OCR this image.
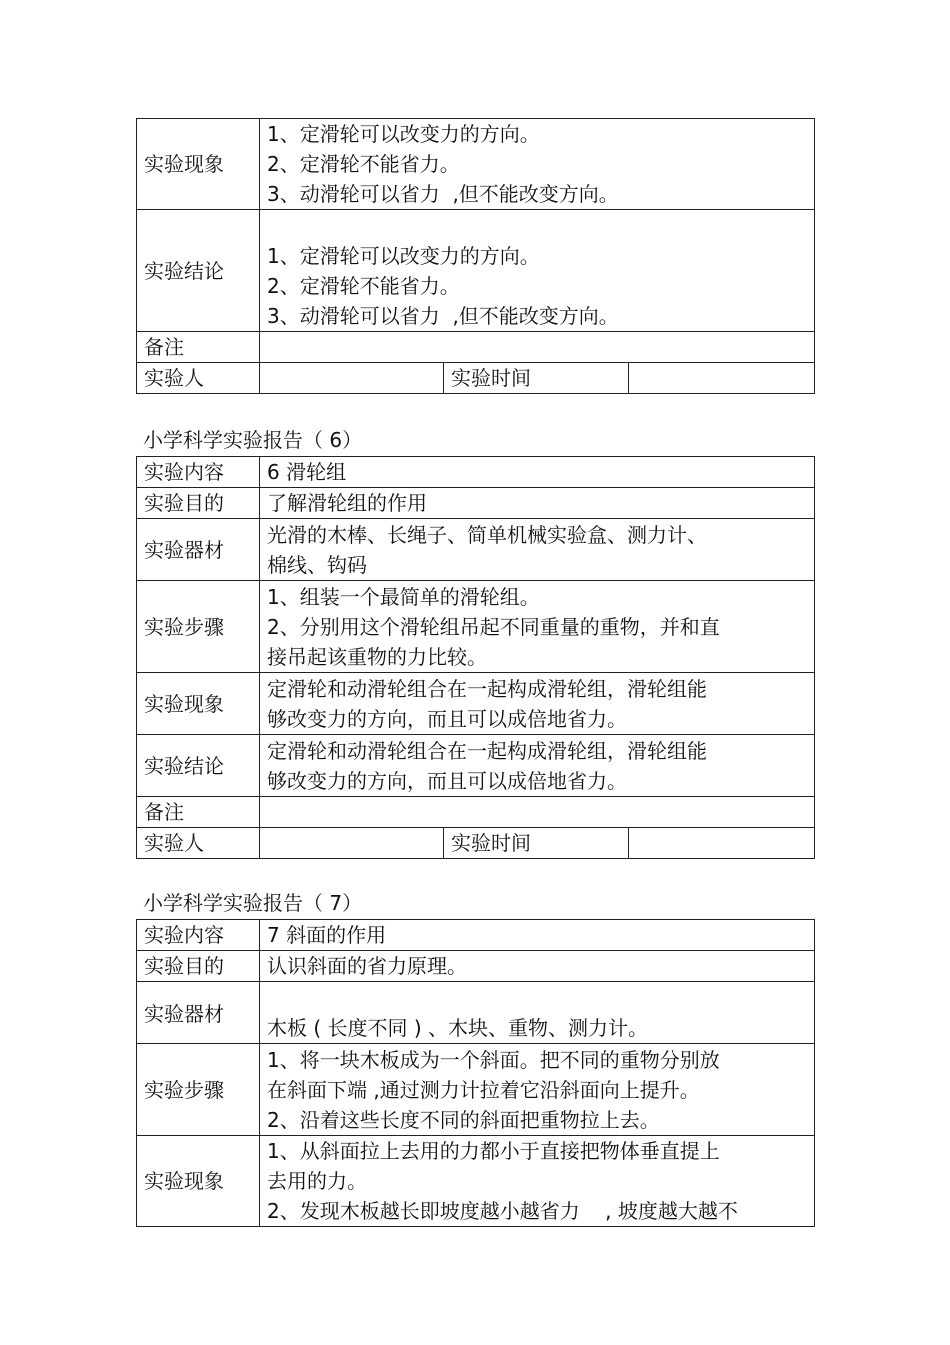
实验现象	1、定滑轮可以改变力的方向。
2、定滑轮不能省力。
3、动滑轮可以省力  ,但不能改变方向。		

实验结论	1、定滑轮可以改变力的方向。
2、定滑轮不能省力。
3、动滑轮可以省力  ,但不能改变方向。		

备注			
实验人		实验时间	
小学科学实验报告（ 6）
实验内容	6 滑轮组		
实验目的	了解滑轮组的作用		
实验器材	光滑的木棒、长绳子、简单机械实验盒、测力计、
棉线、钩码		

实验步骤	1、组装一个最简单的滑轮组。
2、分别用这个滑轮组吊起不同重量的重物，并和直
接吊起该重物的力比较。		

实验现象	定滑轮和动滑轮组合在一起构成滑轮组，滑轮组能
够改变力的方向，而且可以成倍地省力。		

实验结论	定滑轮和动滑轮组合在一起构成滑轮组，滑轮组能
够改变力的方向，而且可以成倍地省力。		

备注			
实验人		实验时间	
小学科学实验报告（ 7）
实验内容	7 斜面的作用
实验目的	认识斜面的省力原理。
实验器材	木板 ( 长度不同 ) 、木块、重物、测力计。
实验步骤	1、将一块木板成为一个斜面。把不同的重物分别放
在斜面下端 ,通过测力计拉着它沿斜面向上提升。
2、沿着这些长度不同的斜面把重物拉上去。

实验现象	1、从斜面拉上去用的力都小于直接把物体垂直提上
去用的力。
2、发现木板越长即坡度越小越省力    , 坡度越大越不
